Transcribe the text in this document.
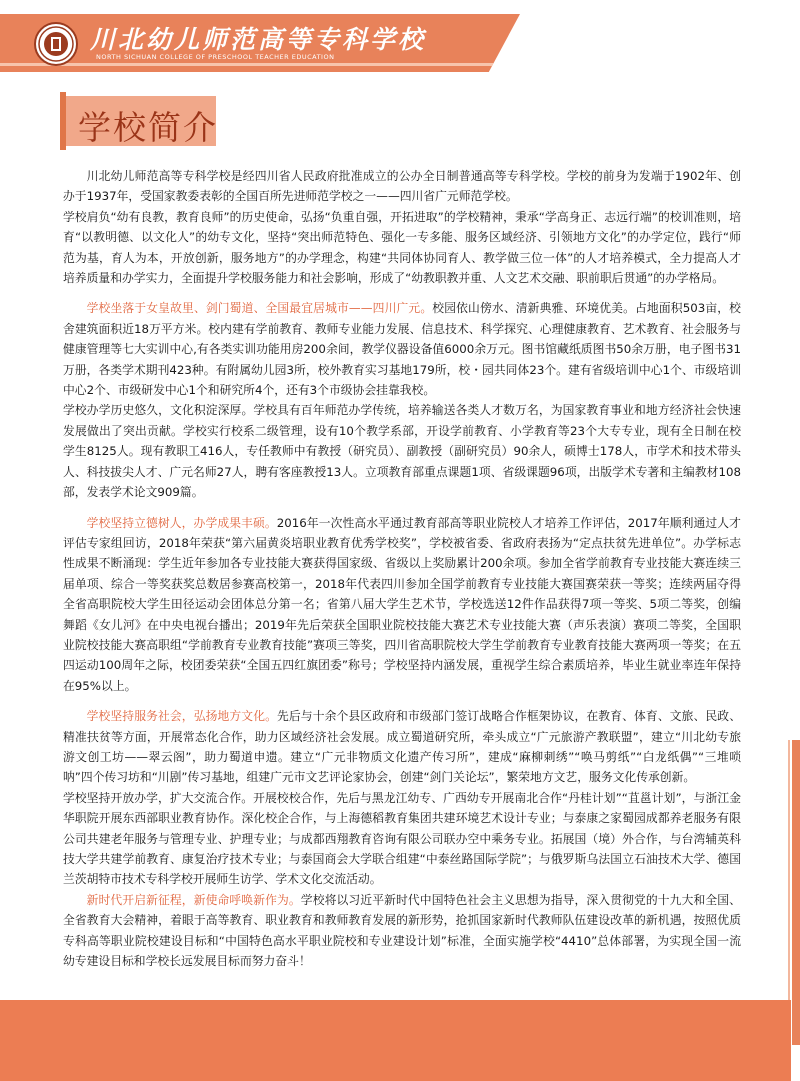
川北幼儿师范高等专科学校
NORTH SICHUAN COLLEGE OF PRESCHOOL TEACHER EDUCATION
学校简介

川北幼儿师范高等专科学校是经四川省人民政府批准成立的公办全日制普通高等专科学校。学校的前身为发端于1902年、创办于1937年，受国家教委表彰的全国百所先进师范学校之一——四川省广元师范学校。

学校肩负“幼有良教，教育良师”的历史使命，弘扬“负重自强，开拓进取”的学校精神，秉承“学高身正、志远行端”的校训准则，培育“以教明德、以文化人”的幼专文化，坚持“突出师范特色、强化一专多能、服务区域经济、引领地方文化”的办学定位，践行“师范为基，育人为本，开放创新，服务地方”的办学理念，构建“共同体协同育人、教学做三位一体”的人才培养模式，全力提高人才培养质量和办学实力，全面提升学校服务能力和社会影响，形成了“幼教职教并重、人文艺术交融、职前职后贯通”的办学格局。

学校坐落于女皇故里、剑门蜀道、全国最宜居城市——四川广元。校园依山傍水、清新典雅、环境优美。占地面积503亩，校舍建筑面积近18万平方米。校内建有学前教育、教师专业能力发展、信息技术、科学探究、心理健康教育、艺术教育、社会服务与健康管理等七大实训中心,有各类实训功能用房200余间，教学仪器设备值6000余万元。图书馆藏纸质图书50余万册，电子图书31万册，各类学术期刊423种。有附属幼儿园3所，校外教育实习基地179所，校・园共同体23个。建有省级培训中心1个、市级培训中心2个、市级研发中心1个和研究所4个，还有3个市级协会挂靠我校。

学校办学历史悠久，文化积淀深厚。学校具有百年师范办学传统，培养输送各类人才数万名，为国家教育事业和地方经济社会快速发展做出了突出贡献。学校实行校系二级管理，设有10个教学系部，开设学前教育、小学教育等23个大专专业，现有全日制在校学生8125人。现有教职工416人，专任教师中有教授（研究员）、副教授（副研究员）90余人，硕博士178人，市学术和技术带头人、科技拔尖人才、广元名师27人，聘有客座教授13人。立项教育部重点课题1项、省级课题96项，出版学术专著和主编教材108部，发表学术论文909篇。

学校坚持立德树人，办学成果丰硕。2016年一次性高水平通过教育部高等职业院校人才培养工作评估，2017年顺利通过人才评估专家组回访，2018年荣获“第六届黄炎培职业教育优秀学校奖”，学校被省委、省政府表扬为“定点扶贫先进单位”。办学标志性成果不断涌现：学生近年参加各专业技能大赛获得国家级、省级以上奖励累计200余项。参加全省学前教育专业技能大赛连续三届单项、综合一等奖获奖总数居参赛高校第一，2018年代表四川参加全国学前教育专业技能大赛国赛荣获一等奖；连续两届夺得全省高职院校大学生田径运动会团体总分第一名；省第八届大学生艺术节，学校选送12件作品获得7项一等奖、5项二等奖，创编舞蹈《女儿河》在中央电视台播出；2019年先后荣获全国职业院校技能大赛艺术专业技能大赛（声乐表演）赛项二等奖，全国职业院校技能大赛高职组“学前教育专业教育技能”赛项三等奖，四川省高职院校大学生学前教育专业教育技能大赛两项一等奖；在五四运动100周年之际，校团委荣获“全国五四红旗团委”称号；学校坚持内涵发展，重视学生综合素质培养，毕业生就业率连年保持在95%以上。

学校坚持服务社会，弘扬地方文化。先后与十余个县区政府和市级部门签订战略合作框架协议，在教育、体育、文旅、民政、精准扶贫等方面，开展常态化合作，助力区域经济社会发展。成立蜀道研究所，牵头成立“广元旅游产教联盟”，建立“川北幼专旅游文创工坊——翠云阁”，助力蜀道申遗。建立“广元非物质文化遗产传习所”，建成“麻柳刺绣”“唤马剪纸”“白龙纸偶”“三堆唢呐”四个传习坊和“川剧”传习基地，组建广元市文艺评论家协会，创建“剑门关论坛”，繁荣地方文艺，服务文化传承创新。

学校坚持开放办学，扩大交流合作。开展校校合作，先后与黑龙江幼专、广西幼专开展南北合作“丹桂计划”“苴邕计划”，与浙江金华职院开展东西部职业教育协作。深化校企合作，与上海德稻教育集团共建环境艺术设计专业；与泰康之家蜀园成都养老服务有限公司共建老年服务与管理专业、护理专业；与成都西翔教育咨询有限公司联办空中乘务专业。拓展国（境）外合作，与台湾辅英科技大学共建学前教育、康复治疗技术专业；与泰国商会大学联合组建“中泰丝路国际学院”；与俄罗斯乌法国立石油技术大学、德国兰茨胡特市技术专科学校开展师生访学、学术文化交流活动。

新时代开启新征程，新使命呼唤新作为。学校将以习近平新时代中国特色社会主义思想为指导，深入贯彻党的十九大和全国、全省教育大会精神，着眼于高等教育、职业教育和教师教育发展的新形势，抢抓国家新时代教师队伍建设改革的新机遇，按照优质专科高等职业院校建设目标和“中国特色高水平职业院校和专业建设计划”标准，全面实施学校“4410”总体部署，为实现全国一流幼专建设目标和学校长远发展目标而努力奋斗！
